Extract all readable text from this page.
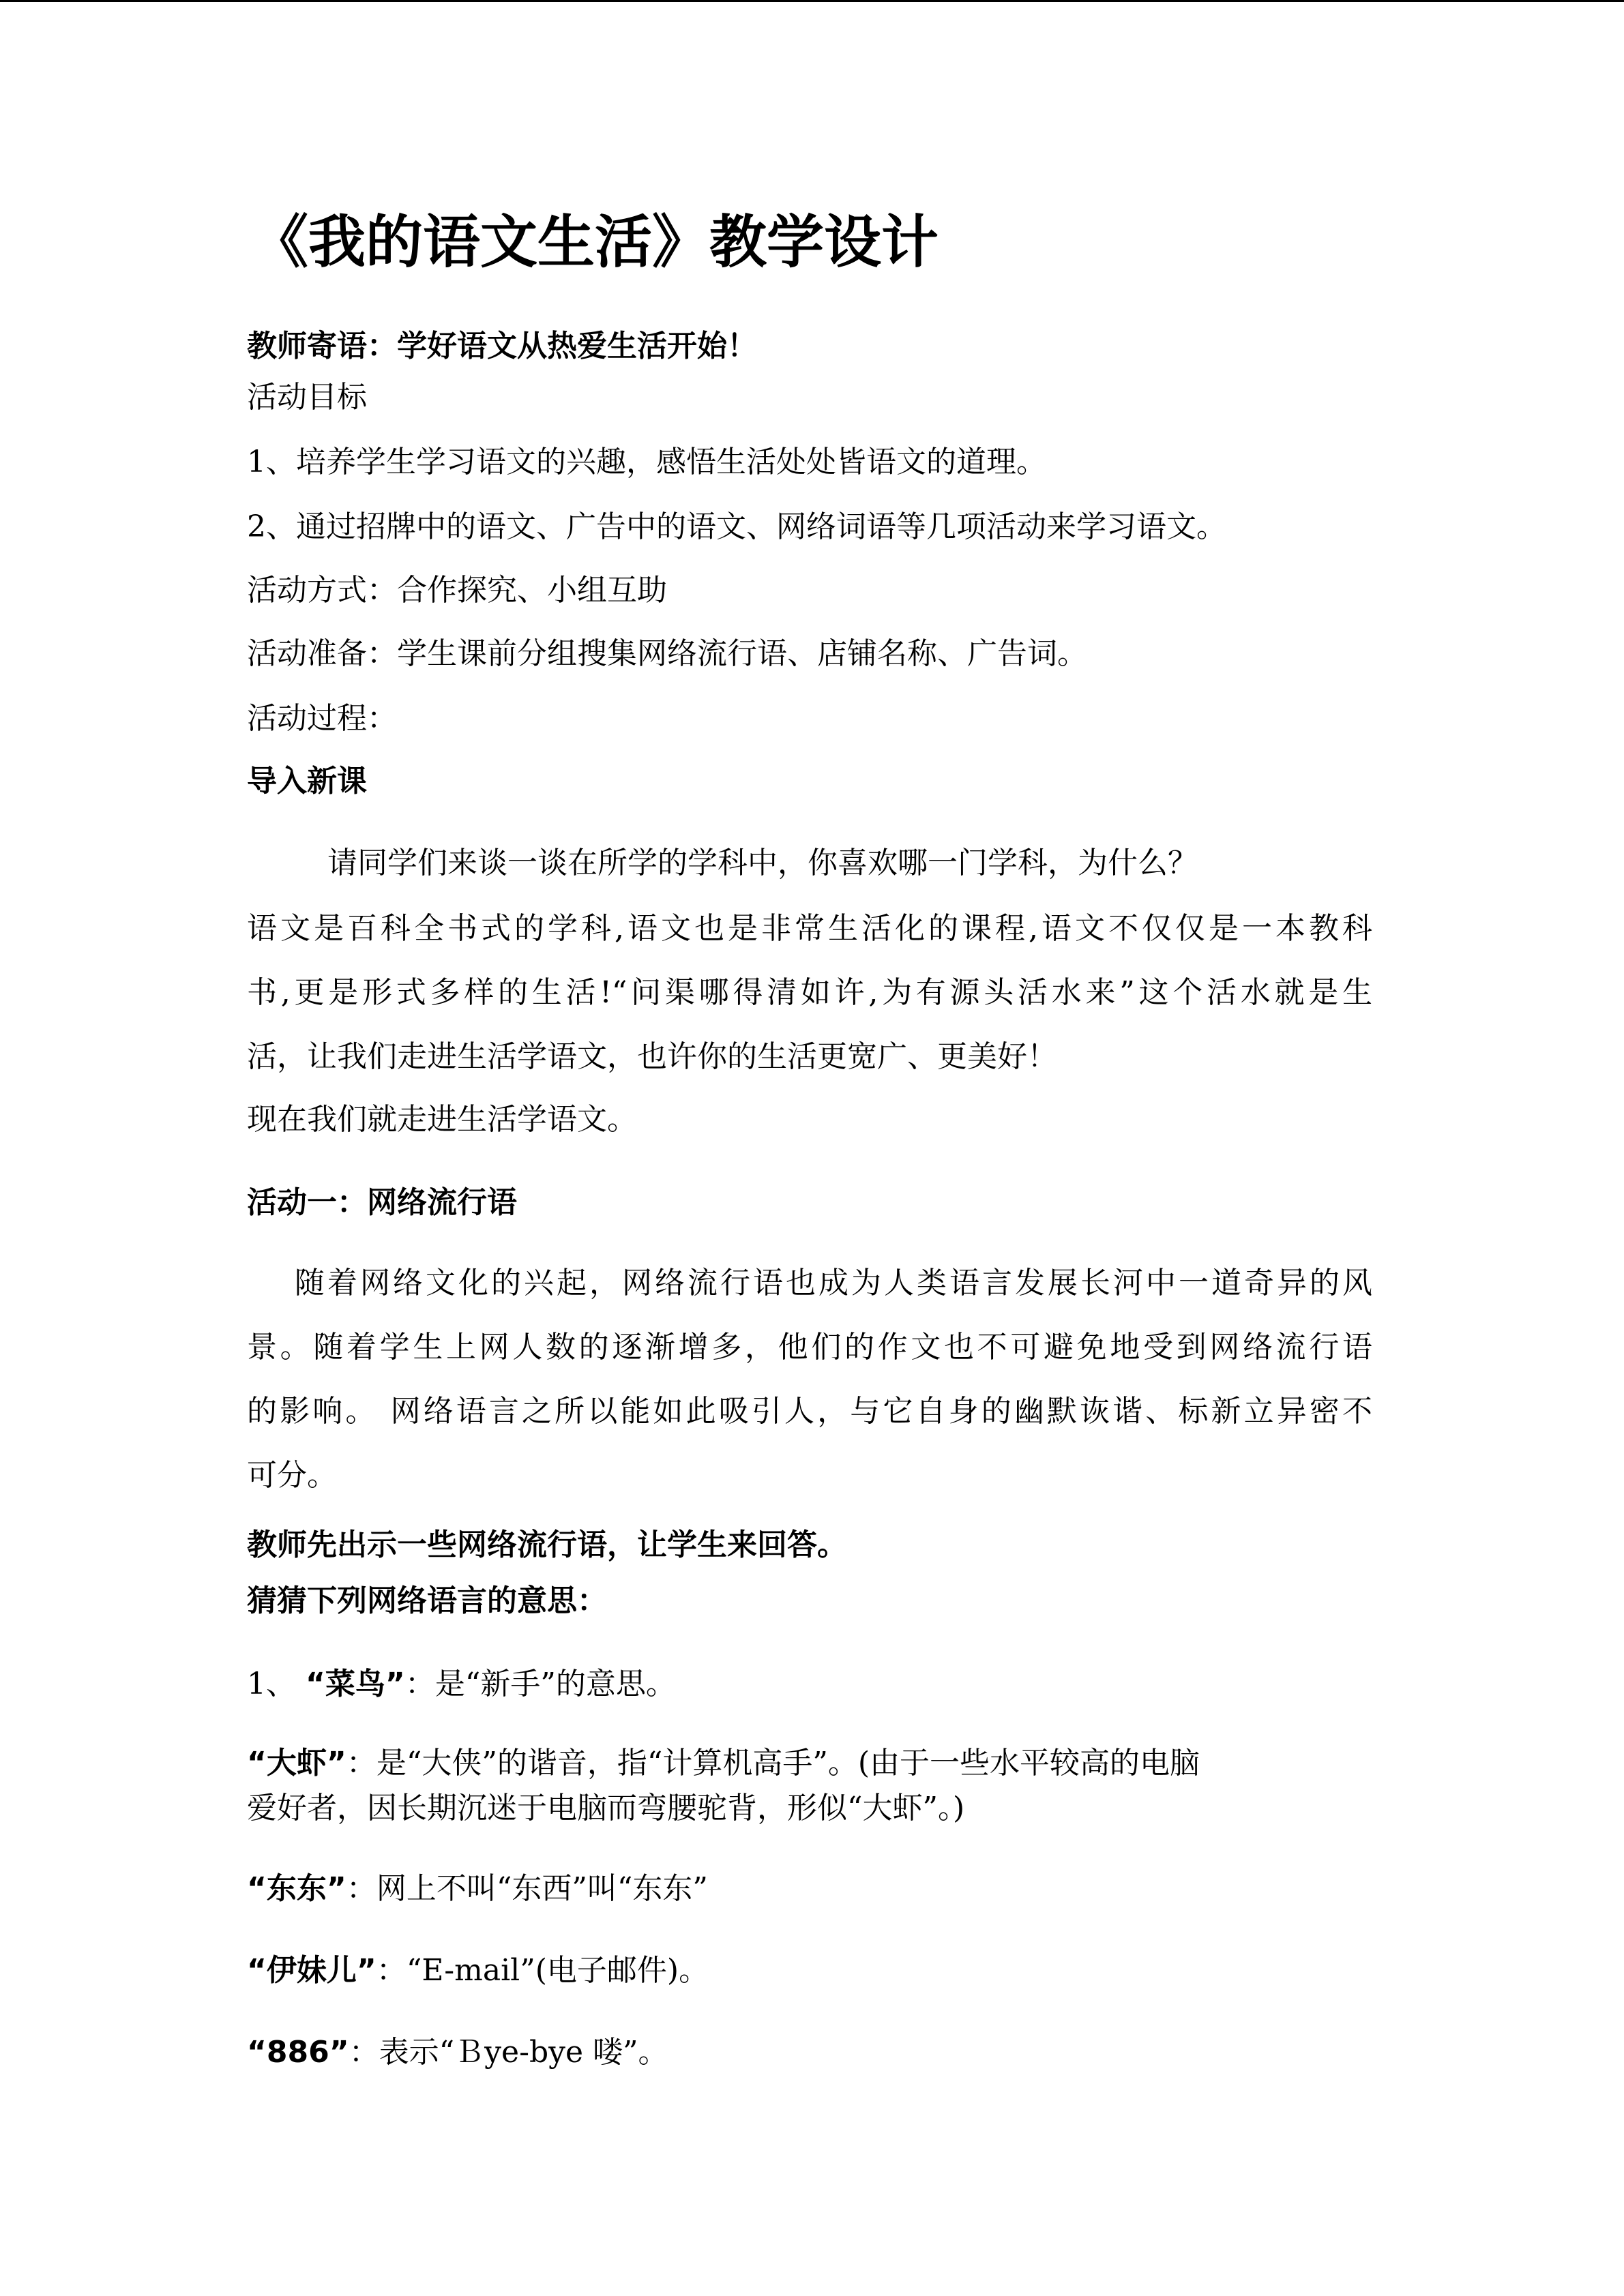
《我的语文生活》教学设计
教师寄语：学好语文从热爱生活开始！
活动目标
1、培养学生学习语文的兴趣，感悟生活处处皆语文的道理。
2、通过招牌中的语文、广告中的语文、网络词语等几项活动来学习语文。
活动方式：合作探究、小组互助
活动准备：学生课前分组搜集网络流行语、店铺名称、广告词。
活动过程：
导入新课
请同学们来谈一谈在所学的学科中，你喜欢哪一门学科，为什么？
语文是百科全书式的学科,语文也是非常生活化的课程,语文不仅仅是一本教科
书,更是形式多样的生活!“问渠哪得清如许,为有源头活水来”这个活水就是生
活，让我们走进生活学语文，也许你的生活更宽广、更美好！
现在我们就走进生活学语文。
活动一：网络流行语
随着网络文化的兴起，网络流行语也成为人类语言发展长河中一道奇异的风
景。随着学生上网人数的逐渐增多，他们的作文也不可避免地受到网络流行语
的影响。 网络语言之所以能如此吸引人，与它自身的幽默诙谐、标新立异密不
可分。
教师先出示一些网络流行语，让学生来回答。
猜猜下列网络语言的意思：
1、 “菜鸟”：是“新手”的意思。
“大虾”：是“大侠”的谐音，指“计算机高手”。(由于一些水平较高的电脑
爱好者，因长期沉迷于电脑而弯腰驼背，形似“大虾”。)
“东东”：网上不叫“东西”叫“东东”
“伊妹儿”：“E-mail”(电子邮件)。
“886”：表示“Ｂye-bye 喽”。
